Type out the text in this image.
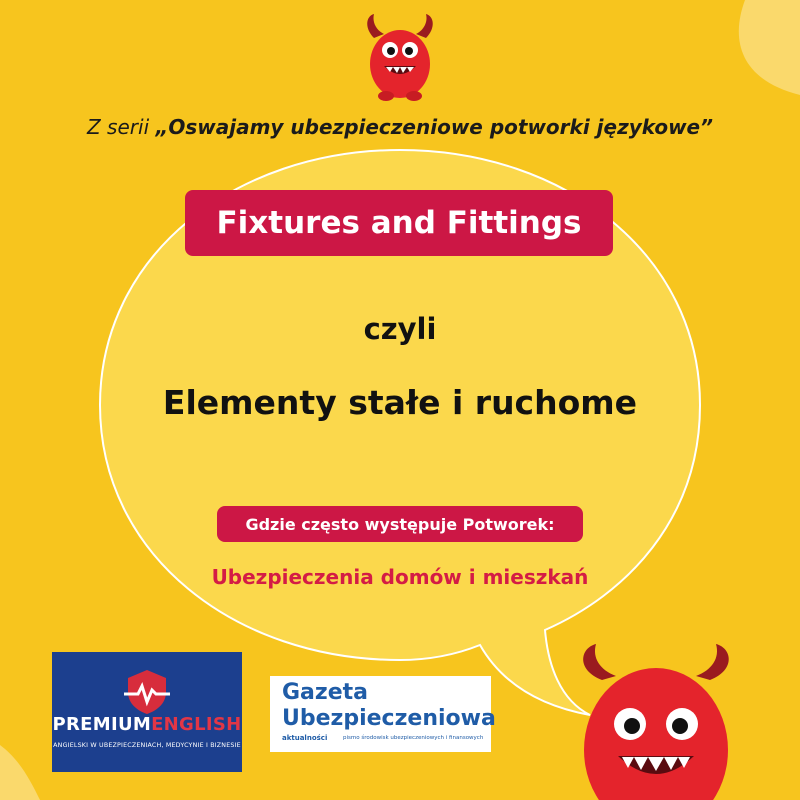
Z serii „Oswajamy ubezpieczeniowe potworki językowe”
Fixtures and Fittings
czyli
Elementy stałe i ruchome
Gdzie często występuje Potworek:
Ubezpieczenia domów i mieszkań
PREMIUMENGLISH
ANGIELSKI W UBEZPIECZENIACH, MEDYCYNIE I BIZNESIE
Gazeta
Ubezpieczeniowa
aktualności	pismo środowisk ubezpieczeniowych i finansowych
